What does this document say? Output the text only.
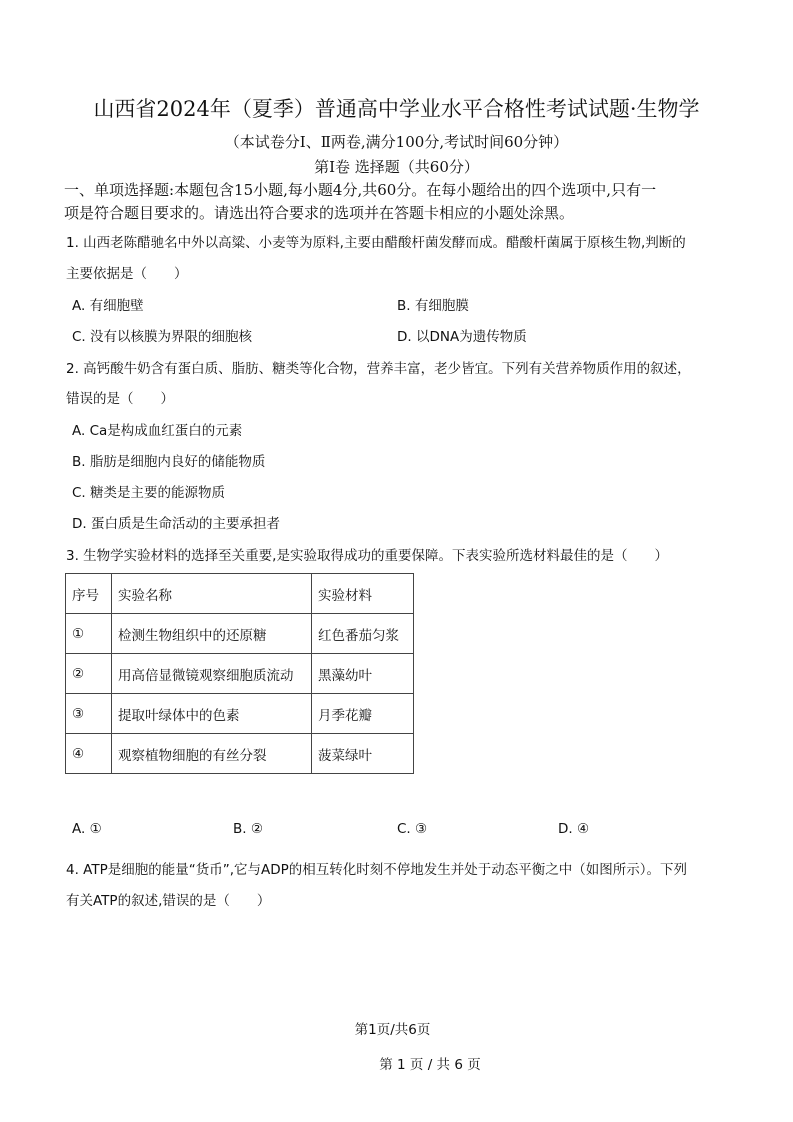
山西省2024年（夏季）普通高中学业水平合格性考试试题·生物学
（本试卷分Ⅰ、Ⅱ两卷,满分100分,考试时间60分钟）
第Ⅰ卷 选择题（共60分）
一、单项选择题:本题包含15小题,每小题4分,共60分。在每小题给出的四个选项中,只有一
项是符合题目要求的。请选出符合要求的选项并在答题卡相应的小题处涂黑。
1. 山西老陈醋驰名中外以高粱、小麦等为原料,主要由醋酸杆菌发酵而成。醋酸杆菌属于原核生物,判断的
主要依据是（　　）
A. 有细胞壁	B. 有细胞膜
C. 没有以核膜为界限的细胞核	D. 以DNA为遗传物质
2. 高钙酸牛奶含有蛋白质、脂肪、糖类等化合物，营养丰富，老少皆宜。下列有关营养物质作用的叙述，
错误的是（　　）
A. Ca是构成血红蛋白的元素
B. 脂肪是细胞内良好的储能物质
C. 糖类是主要的能源物质
D. 蛋白质是生命活动的主要承担者
3. 生物学实验材料的选择至关重要,是实验取得成功的重要保障。下表实验所选材料最佳的是（　　）
序号	实验名称	实验材料
①	检测生物组织中的还原糖	红色番茄匀浆
②	用高倍显微镜观察细胞质流动	黑藻幼叶
③	提取叶绿体中的色素	月季花瓣
④	观察植物细胞的有丝分裂	菠菜绿叶
A. ①	B. ②	C. ③	D. ④
4. ATP是细胞的能量“货币”,它与ADP的相互转化时刻不停地发生并处于动态平衡之中（如图所示）。下列
有关ATP的叙述,错误的是（　　）
第1页/共6页
第 1 页 / 共 6 页
